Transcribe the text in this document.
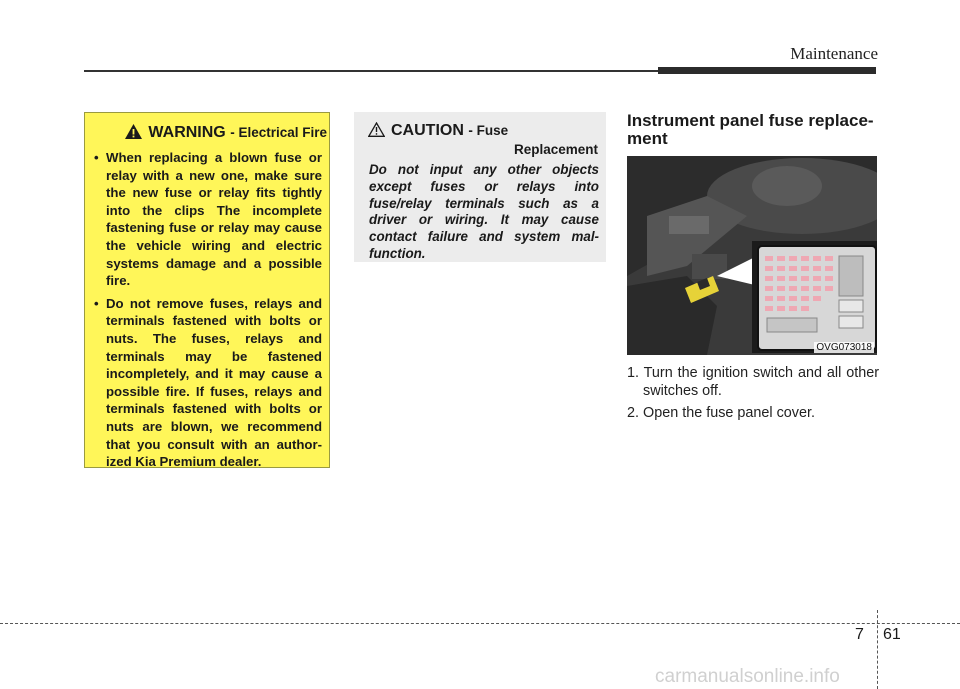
Maintenance
WARNING - Electrical Fire
• When replacing a blown fuse or relay with a new one, make sure the new fuse or relay fits tightly into the clips The incomplete fastening fuse or relay may cause the vehicle wiring and electric systems damage and a possible fire.
• Do not remove fuses, relays and terminals fastened with bolts or nuts. The fuses, relays and terminals may be fastened incompletely, and it may cause a possible fire. If fuses, relays and terminals fastened with bolts or nuts are blown, we recommend that you consult with an author-ized Kia Premium dealer.
CAUTION - Fuse
Replacement

Do not input any other objects except fuses or relays into fuse/relay terminals such as a driver or wiring. It may cause contact failure and system mal-function.

Instrument panel fuse replace-ment
OVG073018
1. Turn the ignition switch and all other switches off.
2. Open the fuse panel cover.
7 61
carmanualsonline.info
